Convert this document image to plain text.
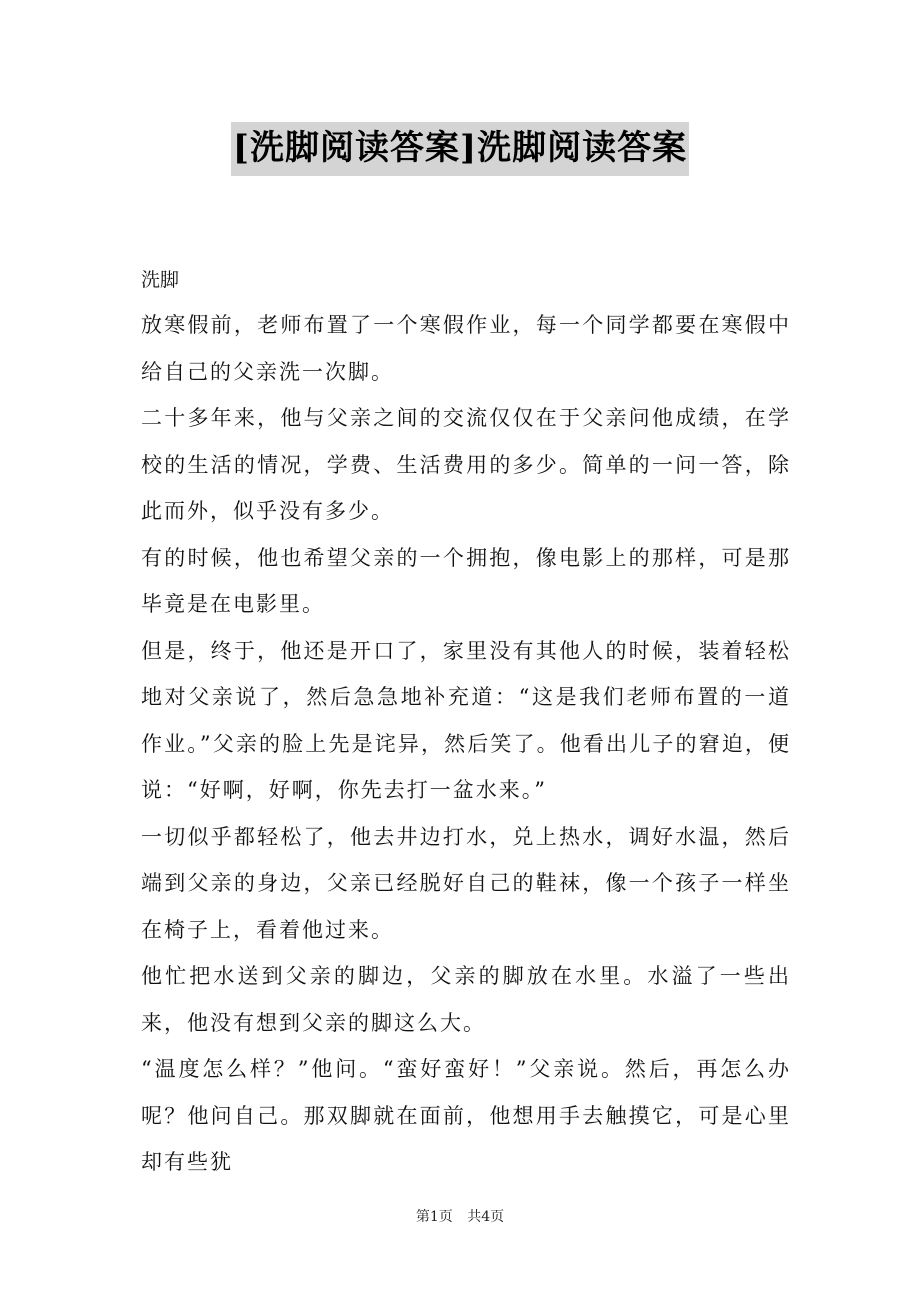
[洗脚阅读答案]洗脚阅读答案

洗脚

放寒假前，老师布置了一个寒假作业，每一个同学都要在寒假中给自己的父亲洗一次脚。

二十多年来，他与父亲之间的交流仅仅在于父亲问他成绩，在学校的生活的情况，学费、生活费用的多少。简单的一问一答，除此而外，似乎没有多少。

有的时候，他也希望父亲的一个拥抱，像电影上的那样，可是那毕竟是在电影里。

但是，终于，他还是开口了，家里没有其他人的时候，装着轻松地对父亲说了，然后急急地补充道：“这是我们老师布置的一道作业。”父亲的脸上先是诧异，然后笑了。他看出儿子的窘迫，便说：“好啊，好啊，你先去打一盆水来。”

一切似乎都轻松了，他去井边打水，兑上热水，调好水温，然后端到父亲的身边，父亲已经脱好自己的鞋袜，像一个孩子一样坐在椅子上，看着他过来。

他忙把水送到父亲的脚边，父亲的脚放在水里。水溢了一些出来，他没有想到父亲的脚这么大。

“温度怎么样？”他问。“蛮好蛮好！”父亲说。然后，再怎么办呢？他问自己。那双脚就在面前，他想用手去触摸它，可是心里却有些犹

第1页 共4页
